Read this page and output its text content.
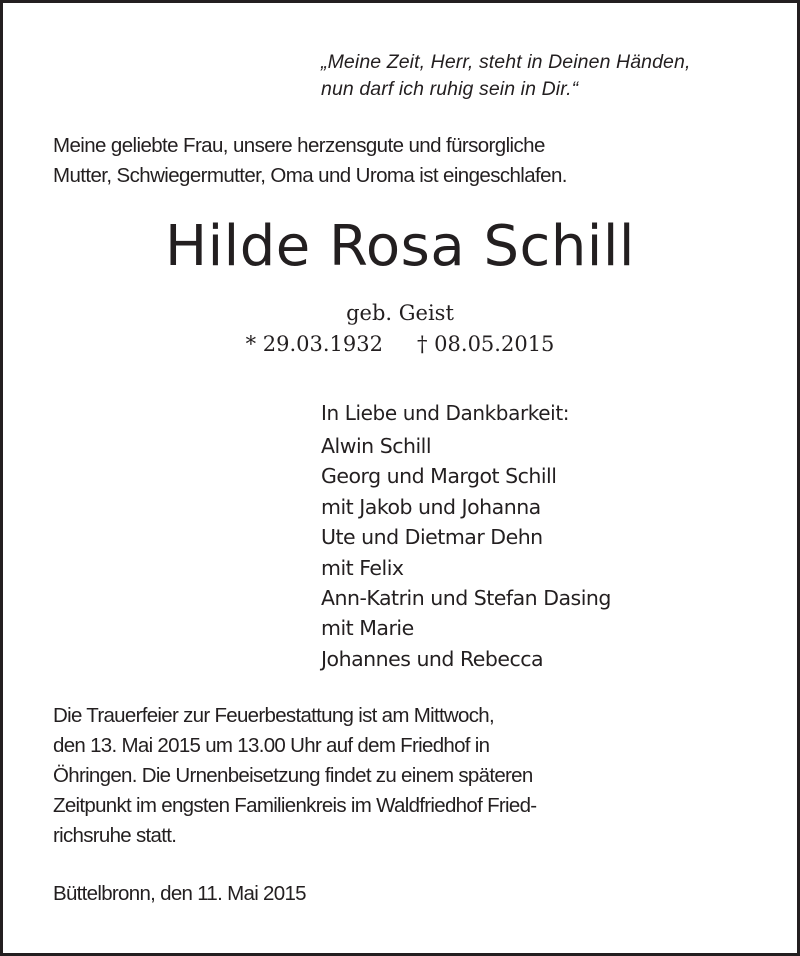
„Meine Zeit, Herr, steht in Deinen Händen,
nun darf ich ruhig sein in Dir.“
Meine geliebte Frau, unsere herzensgute und fürsorgliche
Mutter, Schwiegermutter, Oma und Uroma ist eingeschlafen.
Hilde Rosa Schill
geb. Geist
* 29.03.1932 † 08.05.2015
In Liebe und Dankbarkeit:
Alwin Schill
Georg und Margot Schill
mit Jakob und Johanna
Ute und Dietmar Dehn
mit Felix
Ann-Katrin und Stefan Dasing
mit Marie
Johannes und Rebecca
Die Trauerfeier zur Feuerbestattung ist am Mittwoch,
den 13. Mai 2015 um 13.00 Uhr auf dem Friedhof in
Öhringen. Die Urnenbeisetzung findet zu einem späteren
Zeitpunkt im engsten Familienkreis im Waldfriedhof Fried-
richsruhe statt.
Büttelbronn, den 11. Mai 2015
